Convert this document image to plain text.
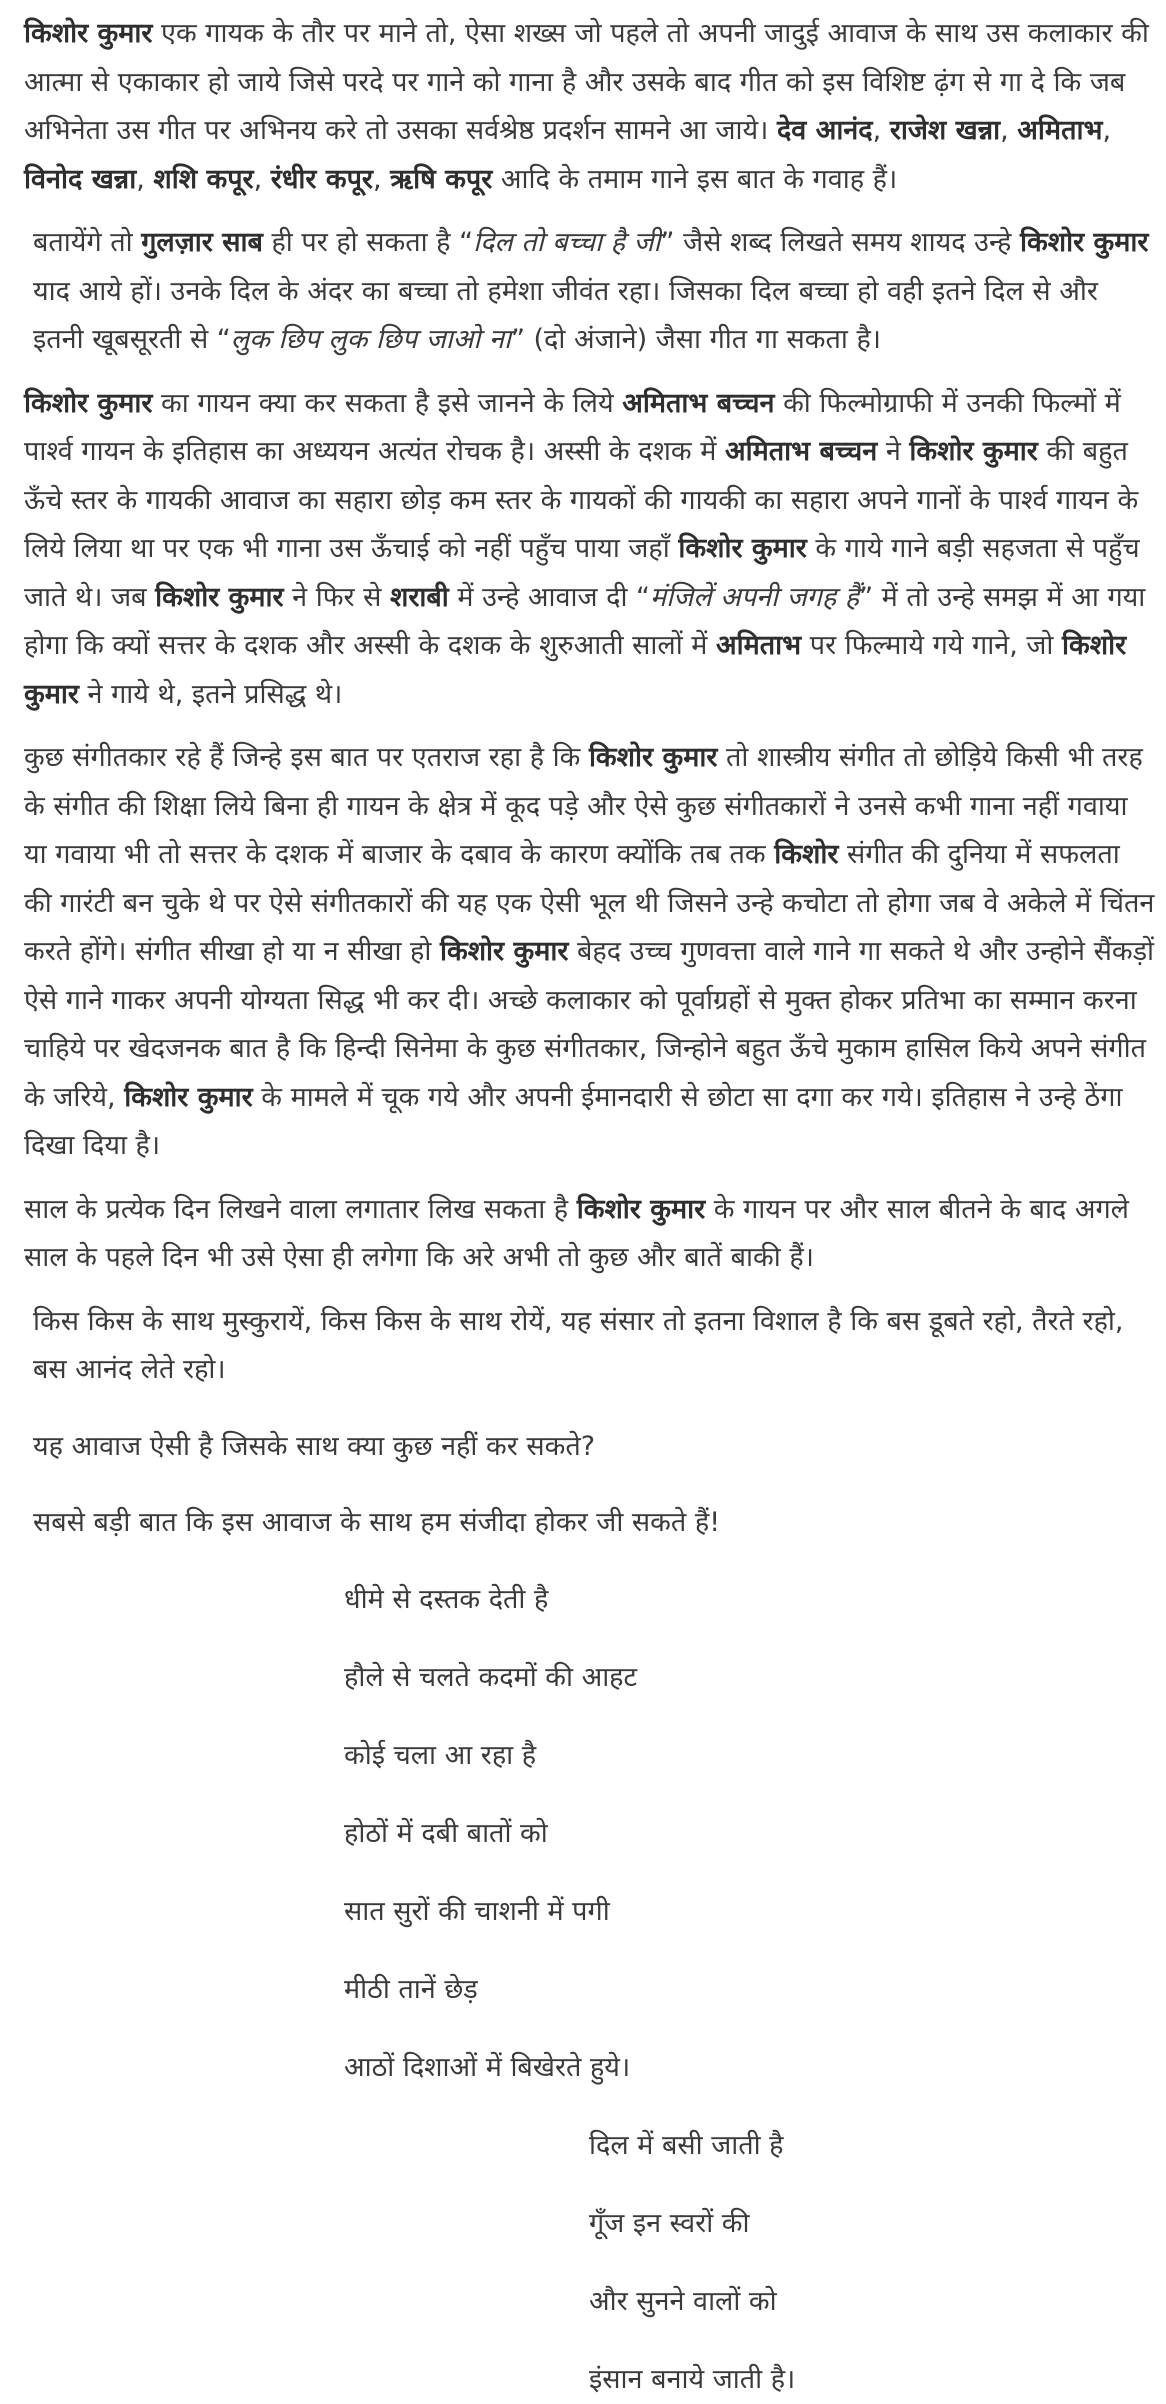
किशोर कुमार एक गायक के तौर पर माने तो, ऐसा शख्स जो पहले तो अपनी जादुई आवाज के साथ उस कलाकार की आत्मा से एकाकार हो जाये जिसे परदे पर गाने को गाना है और उसके बाद गीत को इस विशिष्ट ढ़ंग से गा दे कि जब अभिनेता उस गीत पर अभिनय करे तो उसका सर्वश्रेष्ठ प्रदर्शन सामने आ जाये। देव आनंद, राजेश खन्ना, अमिताभ, विनोद खन्ना, शशि कपूर, रंधीर कपूर, ऋषि कपूर आदि के तमाम गाने इस बात के गवाह हैं।

बतायेंगे तो गुलज़ार साब ही पर हो सकता है “दिल तो बच्चा है जी” जैसे शब्द लिखते समय शायद उन्हे किशोर कुमार याद आये हों। उनके दिल के अंदर का बच्चा तो हमेशा जीवंत रहा। जिसका दिल बच्चा हो वही इतने दिल से और इतनी खूबसूरती से “लुक छिप लुक छिप जाओ ना” (दो अंजाने) जैसा गीत गा सकता है।

किशोर कुमार का गायन क्या कर सकता है इसे जानने के लिये अमिताभ बच्चन की फिल्मोग्राफी में उनकी फिल्मों में पार्श्व गायन के इतिहास का अध्ययन अत्यंत रोचक है। अस्सी के दशक में अमिताभ बच्चन ने किशोर कुमार की बहुत ऊँचे स्तर के गायकी आवाज का सहारा छोड़ कम स्तर के गायकों की गायकी का सहारा अपने गानों के पार्श्व गायन के लिये लिया था पर एक भी गाना उस ऊँचाई को नहीं पहुँच पाया जहाँ किशोर कुमार के गाये गाने बड़ी सहजता से पहुँच जाते थे। जब किशोर कुमार ने फिर से शराबी में उन्हे आवाज दी “मंजिलें अपनी जगह हैं” में तो उन्हे समझ में आ गया होगा कि क्यों सत्तर के दशक और अस्सी के दशक के शुरुआती सालों में अमिताभ पर फिल्माये गये गाने, जो किशोर कुमार ने गाये थे, इतने प्रसिद्ध थे।

कुछ संगीतकार रहे हैं जिन्हे इस बात पर एतराज रहा है कि किशोर कुमार तो शास्त्रीय संगीत तो छोड़िये किसी भी तरह के संगीत की शिक्षा लिये बिना ही गायन के क्षेत्र में कूद पड़े और ऐसे कुछ संगीतकारों ने उनसे कभी गाना नहीं गवाया या गवाया भी तो सत्तर के दशक में बाजार के दबाव के कारण क्योंकि तब तक किशोर संगीत की दुनिया में सफलता की गारंटी बन चुके थे पर ऐसे संगीतकारों की यह एक ऐसी भूल थी जिसने उन्हे कचोटा तो होगा जब वे अकेले में चिंतन करते होंगे। संगीत सीखा हो या न सीखा हो किशोर कुमार बेहद उच्च गुणवत्ता वाले गाने गा सकते थे और उन्होने सैंकड़ों ऐसे गाने गाकर अपनी योग्यता सिद्ध भी कर दी। अच्छे कलाकार को पूर्वाग्रहों से मुक्त होकर प्रतिभा का सम्मान करना चाहिये पर खेदजनक बात है कि हिन्दी सिनेमा के कुछ संगीतकार, जिन्होने बहुत ऊँचे मुकाम हासिल किये अपने संगीत के जरिये, किशोर कुमार के मामले में चूक गये और अपनी ईमानदारी से छोटा सा दगा कर गये। इतिहास ने उन्हे ठेंगा दिखा दिया है।

साल के प्रत्येक दिन लिखने वाला लगातार लिख सकता है किशोर कुमार के गायन पर और साल बीतने के बाद अगले साल के पहले दिन भी उसे ऐसा ही लगेगा कि अरे अभी तो कुछ और बातें बाकी हैं।

किस किस के साथ मुस्कुरायें, किस किस के साथ रोयें, यह संसार तो इतना विशाल है कि बस डूबते रहो, तैरते रहो, बस आनंद लेते रहो।

यह आवाज ऐसी है जिसके साथ क्या कुछ नहीं कर सकते?

सबसे बड़ी बात कि इस आवाज के साथ हम संजीदा होकर जी सकते हैं!

धीमे से दस्तक देती है

हौले से चलते कदमों की आहट

कोई चला आ रहा है

होठों में दबी बातों को

सात सुरों की चाशनी में पगी

मीठी तानें छेड़

आठों दिशाओं में बिखेरते हुये।

दिल में बसी जाती है

गूँज इन स्वरों की

और सुनने वालों को

इंसान बनाये जाती है।
